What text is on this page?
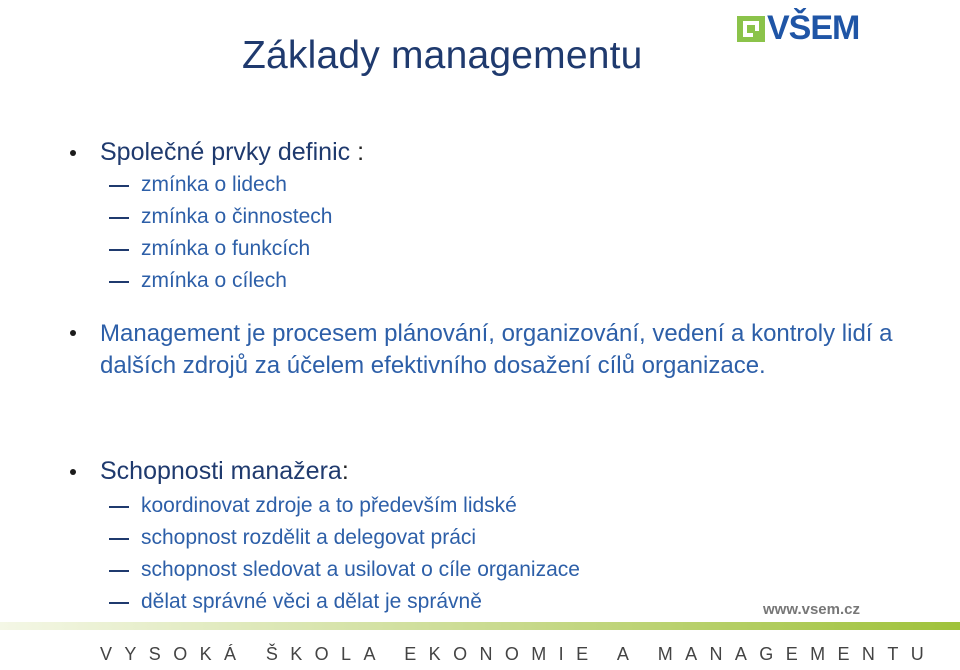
Základy managementu
VŠEM
Společné prvky definic :
zmínka o lidech
zmínka o činnostech
zmínka o funkcích
zmínka o cílech
Management je procesem plánování, organizování, vedení a kontroly lidí a dalších zdrojů za účelem efektivního dosažení cílů organizace.
Schopnosti manažera:
koordinovat zdroje a to především lidské
schopnost rozdělit a delegovat práci
schopnost sledovat a usilovat o cíle organizace
dělat správné věci a dělat je správně	www.vsem.cz
VYSOKÁ ŠKOLA EKONOMIE A MANAGEMENTU
